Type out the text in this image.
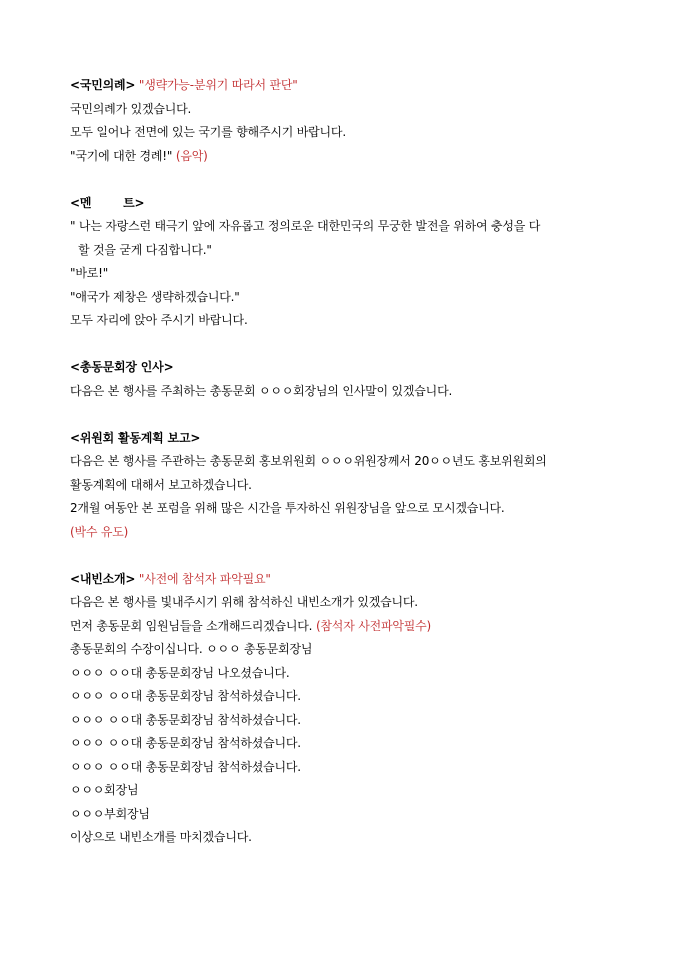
<국민의례> "생략가능-분위기 따라서 판단"
국민의례가 있겠습니다.
모두 일어나 전면에 있는 국기를 향해주시기 바랍니다.
"국기에 대한 경례!" (음악)
<멘        트>
" 나는 자랑스런 태극기 앞에 자유롭고 정의로운 대한민국의 무궁한 발전을 위하여 충성을 다
할 것을 굳게 다짐합니다."
"바로!"
"애국가 제창은 생략하겠습니다."
모두 자리에 앉아 주시기 바랍니다.
<총동문회장 인사>
다음은 본 행사를 주최하는 총동문회 ㅇㅇㅇ회장님의 인사말이 있겠습니다.
<위원회 활동계획 보고>
다음은 본 행사를 주관하는 총동문회 홍보위원회 ㅇㅇㅇ위원장께서 20ㅇㅇ년도 홍보위원회의
활동계획에 대해서 보고하겠습니다.
2개월 여동안 본 포럼을 위해 많은 시간을 투자하신 위원장님을 앞으로 모시겠습니다.
(박수 유도)
<내빈소개> "사전에 참석자 파악필요"
다음은 본 행사를 빛내주시기 위해 참석하신 내빈소개가 있겠습니다.
먼저 총동문회 임원님들을 소개해드리겠습니다. (참석자 사전파악필수)
총동문회의 수장이십니다. ㅇㅇㅇ 총동문회장님
ㅇㅇㅇ ㅇㅇ대 총동문회장님 나오셨습니다.
ㅇㅇㅇ ㅇㅇ대 총동문회장님 참석하셨습니다.
ㅇㅇㅇ ㅇㅇ대 총동문회장님 참석하셨습니다.
ㅇㅇㅇ ㅇㅇ대 총동문회장님 참석하셨습니다.
ㅇㅇㅇ ㅇㅇ대 총동문회장님 참석하셨습니다.
ㅇㅇㅇ회장님
ㅇㅇㅇ부회장님
이상으로 내빈소개를 마치겠습니다.
